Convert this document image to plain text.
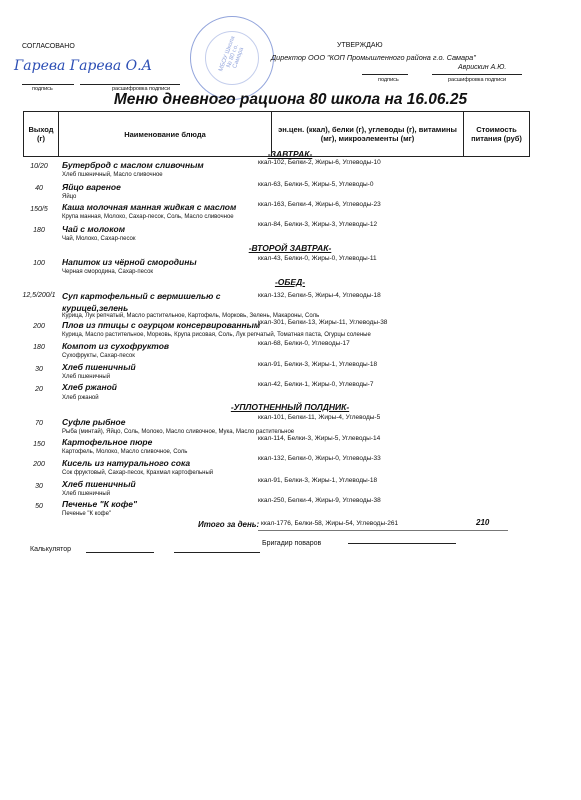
СОГЛАСОВАНО
подпись	расшифровка подписи
Гарева Гарева О.А	МБОУ Школа № 80 г.о. Самара
УТВЕРЖДАЮ
Директор ООО "КОП Промышленного района г.о. Самара"
Аврискин А.Ю.
подпись	расшифровка подписи
Меню дневного рациона 80 школа на 16.06.25
Выход (г)	Наименование блюда	эн.цен. (ккал), белки (г), углеводы (г), витамины (мг), микроэлементы (мг)	Стоимость питания (руб)
-ЗАВТРАК-
10/20	Бутерброд с маслом сливочным
Хлеб пшеничный, Масло сливочное
ккал-102, Белки-2, Жиры-6, Углеводы-10
40	Яйцо вареное
Яйцо
ккал-63, Белки-5, Жиры-5, Углеводы-0
150/5	Каша молочная манная жидкая с маслом
Крупа манная, Молоко, Сахар-песок, Соль, Масло сливочное
ккал-163, Белки-4, Жиры-6, Углеводы-23
180	Чай с молоком
Чай, Молоко, Сахар-песок
ккал-84, Белки-3, Жиры-3, Углеводы-12
-ВТОРОЙ ЗАВТРАК-
100	Напиток из чёрной смородины
Черная смородина, Сахар-песок
ккал-43, Белки-0, Жиры-0, Углеводы-11
-ОБЕД-
12,5/200/1 Суп картофельный с вермишелью с курицей,зелень
Курица, Лук репчатый, Масло растительное, Картофель, Морковь, Зелень, Макароны, Соль
ккал-132, Белки-5, Жиры-4, Углеводы-18
200	Плов из птицы с огурцом консервированным
Курица, Масло растительное, Морковь, Крупа рисовая, Соль, Лук репчатый, Томатная паста, Огурцы соленые
ккал-301, Белки-13, Жиры-11, Углеводы-38
180	Компот из сухофруктов
Сухофрукты, Сахар-песок
ккал-68, Белки-0, Углеводы-17
30	Хлеб пшеничный
Хлеб пшеничный
ккал-91, Белки-3, Жиры-1, Углеводы-18
20	Хлеб ржаной
Хлеб ржаной
ккал-42, Белки-1, Жиры-0, Углеводы-7
-УПЛОТНЕННЫЙ ПОЛДНИК-
70	Суфле рыбное
Рыба (минтай), Яйцо, Соль, Молоко, Масло сливочное, Мука, Масло растительное
ккал-101, Белки-11, Жиры-4, Углеводы-5
150	Картофельное пюре
Картофель, Молоко, Масло сливочное, Соль
ккал-114, Белки-3, Жиры-5, Углеводы-14
200	Кисель из натурального сока
Сок фруктовый, Сахар-песок, Крахмал картофельный
ккал-132, Белки-0, Жиры-0, Углеводы-33
30	Хлеб пшеничный
Хлеб пшеничный
ккал-91, Белки-3, Жиры-1, Углеводы-18
50	Печенье "К кофе"
Печенье "К кофе"
ккал-250, Белки-4, Жиры-9, Углеводы-38
Итого за день: ккал-1776, Белки-58, Жиры-54, Углеводы-261	210
Калькулятор
Бригадир поваров
